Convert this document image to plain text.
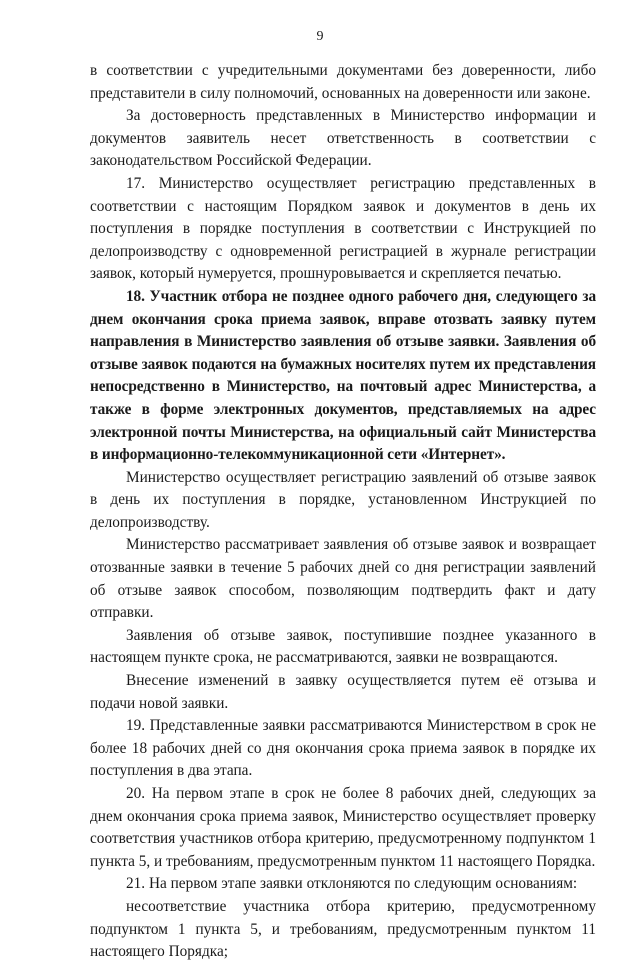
9

в соответствии с учредительными документами без доверенности, либо представители в силу полномочий, основанных на доверенности или законе.

За достоверность представленных в Министерство информации и документов заявитель несет ответственность в соответствии с законодательством Российской Федерации.

17. Министерство осуществляет регистрацию представленных в соответствии с настоящим Порядком заявок и документов в день их поступления в порядке поступления в соответствии с Инструкцией по делопроизводству с одновременной регистрацией в журнале регистрации заявок, который нумеруется, прошнуровывается и скрепляется печатью.

18. Участник отбора не позднее одного рабочего дня, следующего за днем окончания срока приема заявок, вправе отозвать заявку путем направления в Министерство заявления об отзыве заявки. Заявления об отзыве заявок подаются на бумажных носителях путем их представления непосредственно в Министерство, на почтовый адрес Министерства, а также в форме электронных документов, представляемых на адрес электронной почты Министерства, на официальный сайт Министерства в информационно-телекоммуникационной сети «Интернет».

Министерство осуществляет регистрацию заявлений об отзыве заявок в день их поступления в порядке, установленном Инструкцией по делопроизводству.

Министерство рассматривает заявления об отзыве заявок и возвращает отозванные заявки в течение 5 рабочих дней со дня регистрации заявлений об отзыве заявок способом, позволяющим подтвердить факт и дату отправки.

Заявления об отзыве заявок, поступившие позднее указанного в настоящем пункте срока, не рассматриваются, заявки не возвращаются.

Внесение изменений в заявку осуществляется путем её отзыва и подачи новой заявки.

19. Представленные заявки рассматриваются Министерством в срок не более 18 рабочих дней со дня окончания срока приема заявок в порядке их поступления в два этапа.

20. На первом этапе в срок не более 8 рабочих дней, следующих за днем окончания срока приема заявок, Министерство осуществляет проверку соответствия участников отбора критерию, предусмотренному подпунктом 1 пункта 5, и требованиям, предусмотренным пунктом 11 настоящего Порядка.

21. На первом этапе заявки отклоняются по следующим основаниям:

несоответствие участника отбора критерию, предусмотренному подпунктом 1 пункта 5, и требованиям, предусмотренным пунктом 11 настоящего Порядка;
